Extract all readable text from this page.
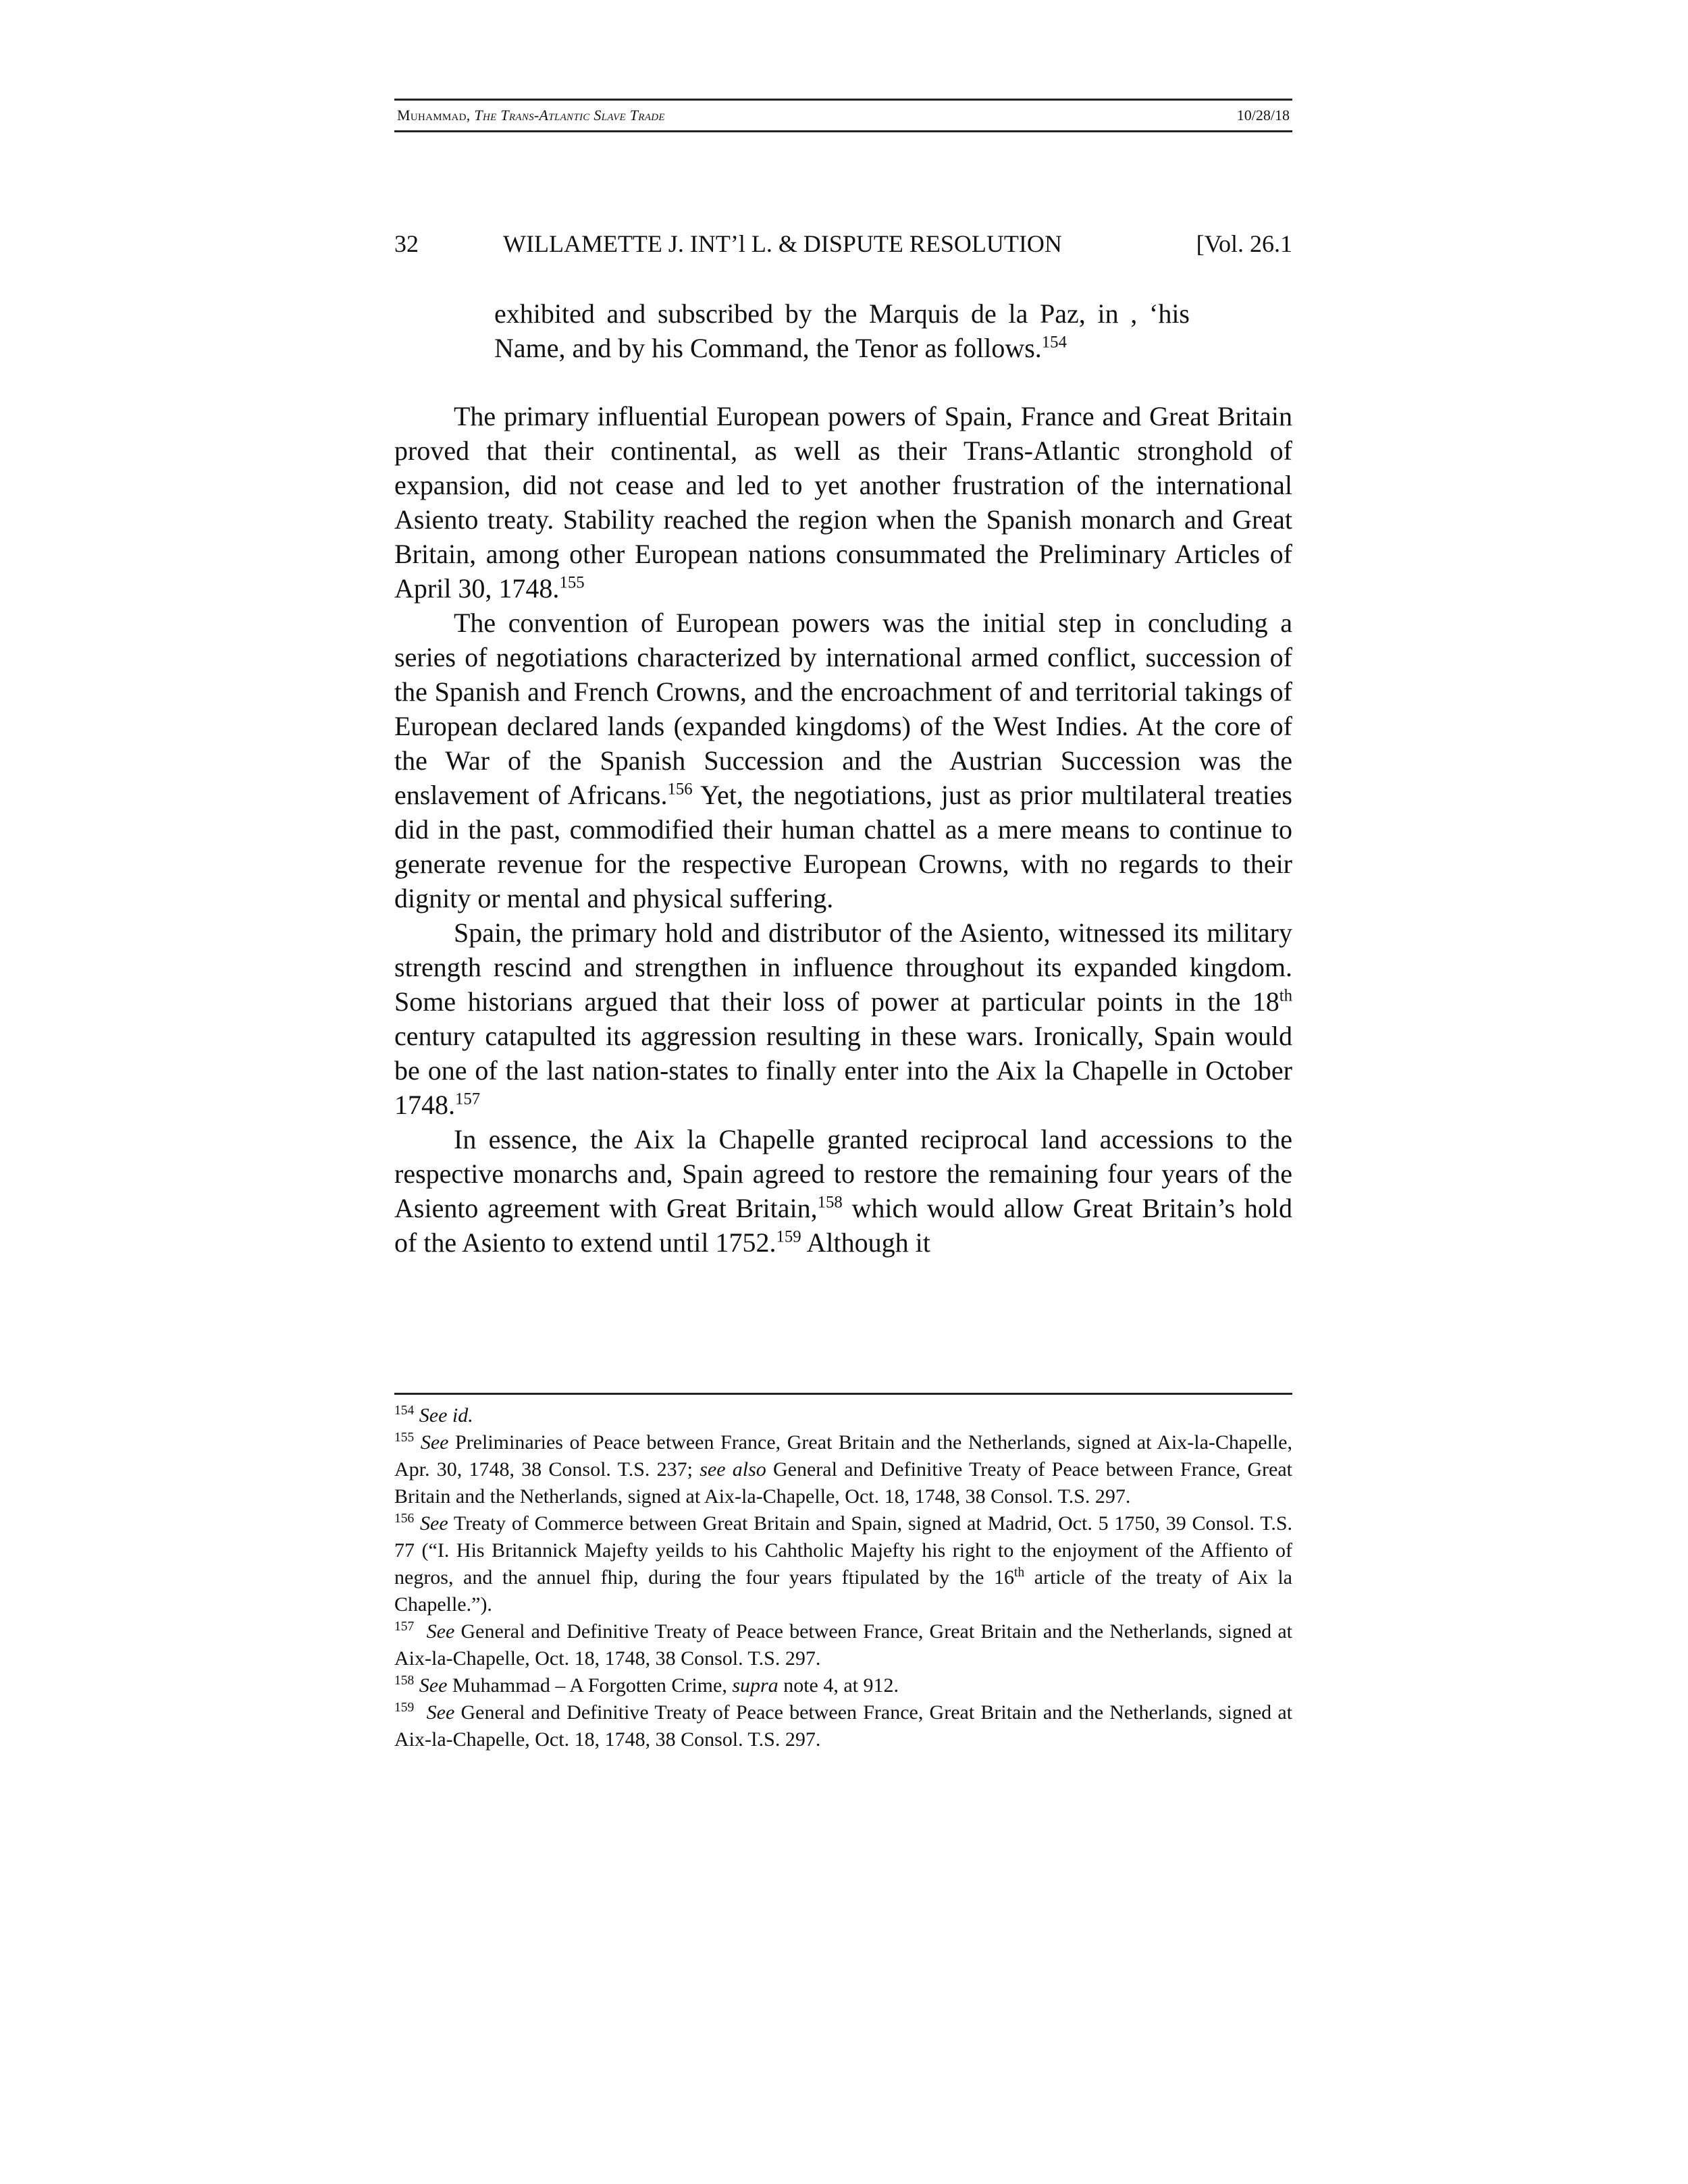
Muhammad, The Trans-Atlantic Slave Trade	10/28/18
32	WILLAMETTE J. INT’l L. & DISPUTE RESOLUTION	[Vol. 26.1

exhibited and subscribed by the Marquis de la Paz, in , ‘his Name, and by his Command, the Tenor as follows.$^{154}$

The primary influential European powers of Spain, France and Great Britain proved that their continental, as well as their Trans-Atlantic stronghold of expansion, did not cease and led to yet another frustration of the international Asiento treaty. Stability reached the region when the Spanish monarch and Great Britain, among other European nations consummated the Preliminary Articles of April 30, 1748.$^{155}$

The convention of European powers was the initial step in concluding a series of negotiations characterized by international armed conflict, succession of the Spanish and French Crowns, and the encroachment of and territorial takings of European declared lands (expanded kingdoms) of the West Indies. At the core of the War of the Spanish Succession and the Austrian Succession was the enslavement of Africans.$^{156}$ Yet, the negotiations, just as prior multilateral treaties did in the past, commodified their human chattel as a mere means to continue to generate revenue for the respective European Crowns, with no regards to their dignity or mental and physical suffering.

Spain, the primary hold and distributor of the Asiento, witnessed its military strength rescind and strengthen in influence throughout its expanded kingdom. Some historians argued that their loss of power at particular points in the 18th century catapulted its aggression resulting in these wars. Ironically, Spain would be one of the last nation-states to finally enter into the Aix la Chapelle in October 1748.$^{157}$

In essence, the Aix la Chapelle granted reciprocal land accessions to the respective monarchs and, Spain agreed to restore the remaining four years of the Asiento agreement with Great Britain,$^{158}$ which would allow Great Britain’s hold of the Asiento to extend until 1752.$^{159}$ Although it

$^{154}$ See id.

$^{155}$ See Preliminaries of Peace between France, Great Britain and the Netherlands, signed at Aix-la-Chapelle, Apr. 30, 1748, 38 Consol. T.S. 237; see also General and Definitive Treaty of Peace between France, Great Britain and the Netherlands, signed at Aix-la-Chapelle, Oct. 18, 1748, 38 Consol. T.S. 297.

$^{156}$ See Treaty of Commerce between Great Britain and Spain, signed at Madrid, Oct. 5 1750, 39 Consol. T.S. 77 (“I. His Britannick Majefty yeilds to his Cahtholic Majefty his right to the enjoyment of the Affiento of negros, and the annuel fhip, during the four years ftipulated by the 16th article of the treaty of Aix la Chapelle.”).

$^{157}$ See General and Definitive Treaty of Peace between France, Great Britain and the Netherlands, signed at Aix-la-Chapelle, Oct. 18, 1748, 38 Consol. T.S. 297.

$^{158}$ See Muhammad – A Forgotten Crime, supra note 4, at 912.

$^{159}$ See General and Definitive Treaty of Peace between France, Great Britain and the Netherlands, signed at Aix-la-Chapelle, Oct. 18, 1748, 38 Consol. T.S. 297.
